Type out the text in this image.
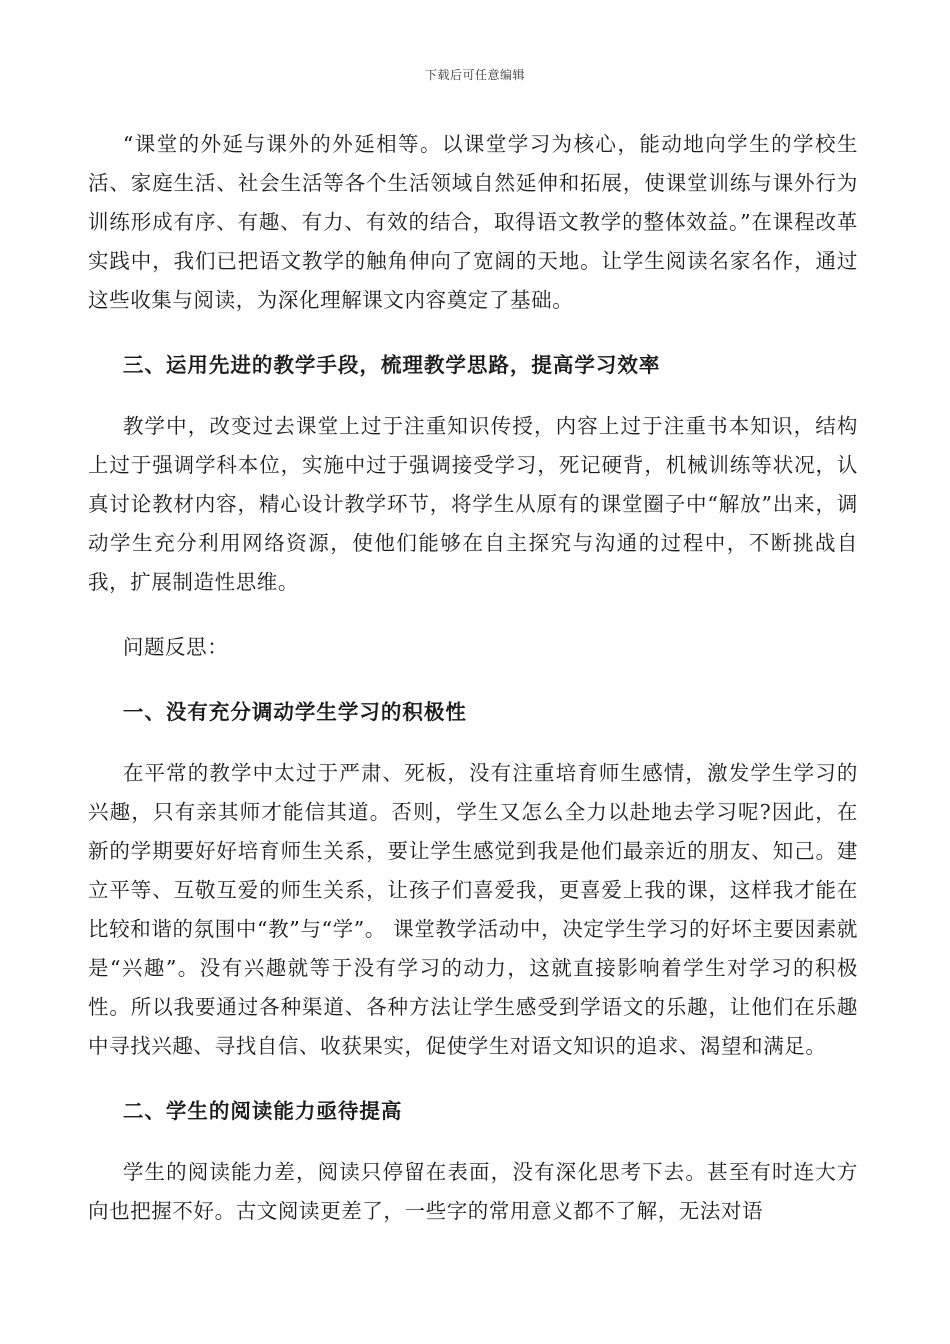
下载后可任意编辑

“课堂的外延与课外的外延相等。以课堂学习为核心，能动地向学生的学校生活、家庭生活、社会生活等各个生活领域自然延伸和拓展，使课堂训练与课外行为训练形成有序、有趣、有力、有效的结合，取得语文教学的整体效益。”在课程改革实践中，我们已把语文教学的触角伸向了宽阔的天地。让学生阅读名家名作，通过这些收集与阅读，为深化理解课文内容奠定了基础。

三、运用先进的教学手段，梳理教学思路，提高学习效率

教学中，改变过去课堂上过于注重知识传授，内容上过于注重书本知识，结构上过于强调学科本位，实施中过于强调接受学习，死记硬背，机械训练等状况，认真讨论教材内容，精心设计教学环节，将学生从原有的课堂圈子中“解放”出来，调动学生充分利用网络资源，使他们能够在自主探究与沟通的过程中，不断挑战自我，扩展制造性思维。

问题反思：

一、没有充分调动学生学习的积极性

在平常的教学中太过于严肃、死板，没有注重培育师生感情，激发学生学习的兴趣，只有亲其师才能信其道。否则，学生又怎么全力以赴地去学习呢?因此，在新的学期要好好培育师生关系，要让学生感觉到我是他们最亲近的朋友、知己。建立平等、互敬互爱的师生关系，让孩子们喜爱我，更喜爱上我的课，这样我才能在比较和谐的氛围中“教”与“学”。 课堂教学活动中，决定学生学习的好坏主要因素就是“兴趣”。没有兴趣就等于没有学习的动力，这就直接影响着学生对学习的积极性。所以我要通过各种渠道、各种方法让学生感受到学语文的乐趣，让他们在乐趣中寻找兴趣、寻找自信、收获果实，促使学生对语文知识的追求、渴望和满足。

二、学生的阅读能力亟待提高

学生的阅读能力差，阅读只停留在表面，没有深化思考下去。甚至有时连大方向也把握不好。古文阅读更差了，一些字的常用意义都不了解，无法对语
